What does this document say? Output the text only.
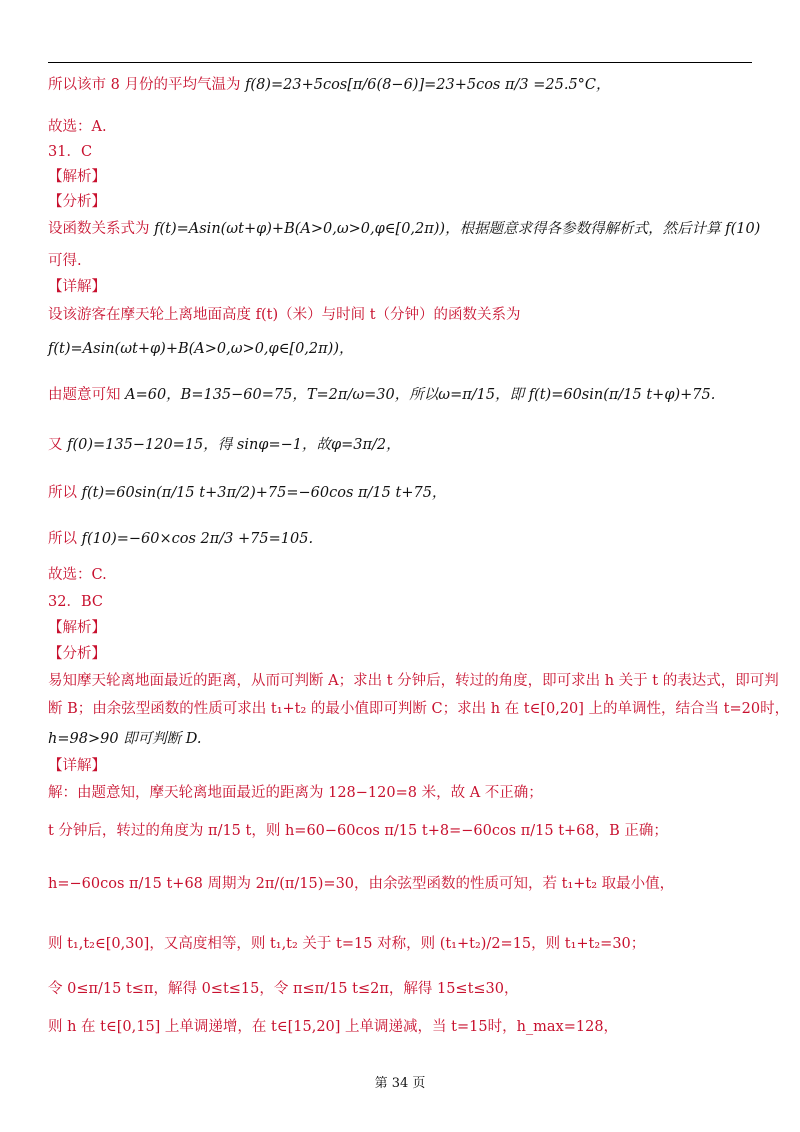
所以该市 8 月份的平均气温为 f(8)=23+5cos[π/6(8−6)]=23+5cos π/3 =25.5°C，
故选：A.
31．C
【解析】
【分析】
设函数关系式为 f(t)=Asin(ωt+φ)+B(A>0,ω>0,φ∈[0,2π))，根据题意求得各参数得解析式，然后计算 f(10)
可得.
【详解】
设该游客在摩天轮上离地面高度 f(t)（米）与时间 t（分钟）的函数关系为
f(t)=Asin(ωt+φ)+B(A>0,ω>0,φ∈[0,2π))，
由题意可知 A=60，B=135−60=75，T=2π/ω=30，所以ω=π/15，即 f(t)=60sin(π/15 t+φ)+75.
又 f(0)=135−120=15，得 sinφ=−1，故φ=3π/2，
所以 f(t)=60sin(π/15 t+3π/2)+75=−60cos π/15 t+75，
所以 f(10)=−60×cos 2π/3 +75=105.
故选：C.
32．BC
【解析】
【分析】
易知摩天轮离地面最近的距离，从而可判断 A；求出 t 分钟后，转过的角度，即可求出 h 关于 t 的表达式，即可判
断 B；由余弦型函数的性质可求出 t₁+t₂ 的最小值即可判断 C；求出 h 在 t∈[0,20] 上的单调性，结合当 t=20时，
h=98>90 即可判断 D.
【详解】
解：由题意知，摩天轮离地面最近的距离为 128−120=8 米，故 A 不正确；
t 分钟后，转过的角度为 π/15 t，则 h=60−60cos π/15 t+8=−60cos π/15 t+68，B 正确；
h=−60cos π/15 t+68 周期为 2π/(π/15)=30，由余弦型函数的性质可知，若 t₁+t₂ 取最小值，
则 t₁,t₂∈[0,30]，又高度相等，则 t₁,t₂ 关于 t=15 对称，则 (t₁+t₂)/2=15，则 t₁+t₂=30；
令 0≤π/15 t≤π，解得 0≤t≤15，令 π≤π/15 t≤2π，解得 15≤t≤30，
则 h 在 t∈[0,15] 上单调递增，在 t∈[15,20] 上单调递减，当 t=15时，h_max=128，
第 34 页
